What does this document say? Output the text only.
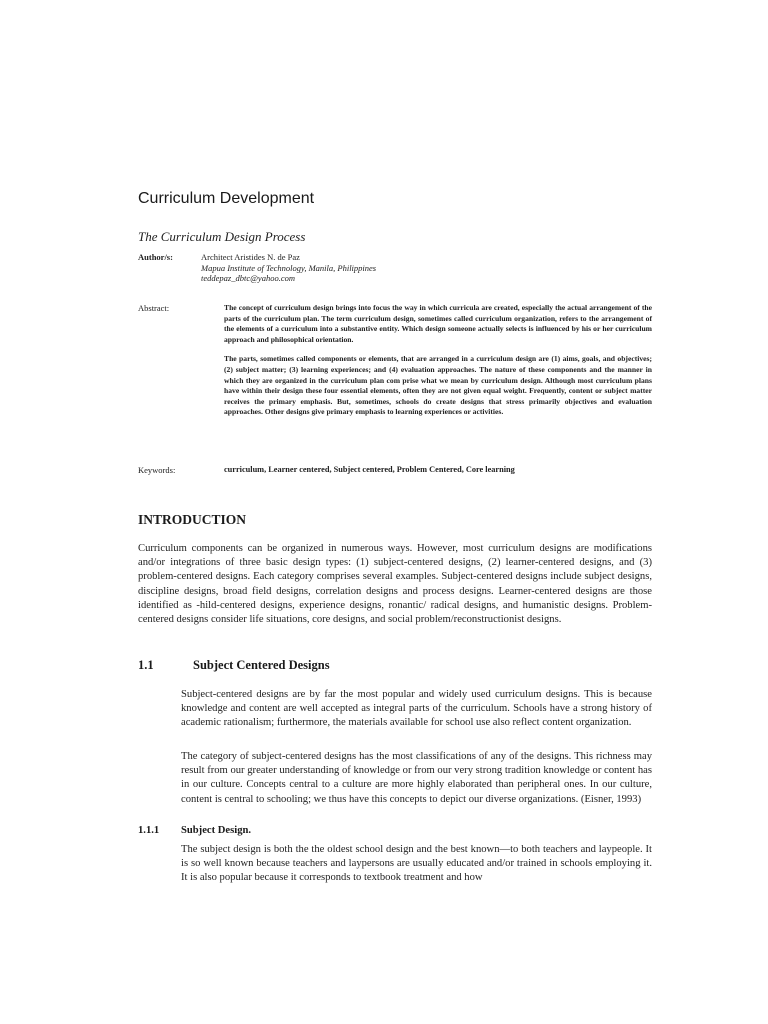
Curriculum Development
The Curriculum Design Process
Author/s:	Architect Aristides N. de Paz
Mapua Institute of Technology, Manila, Philippines
teddepaz_dbtc@yahoo.com
Abstract:	The concept of curriculum design brings into focus the way in which curricula are created, especially the actual arrangement of the parts of the curriculum plan. The term curriculum design, sometimes called curriculum organization, refers to the arrangement of the elements of a curriculum into a substantive entity. Which design someone actually selects is influenced by his or her curriculum approach and philosophical orientation.

The parts, sometimes called components or elements, that are arranged in a curriculum design are (1) aims, goals, and objectives; (2) subject matter; (3) learning experiences; and (4) evaluation approaches. The nature of these components and the manner in which they are organized in the curriculum plan com prise what we mean by curriculum design. Although most curriculum plans have within their design these four essential elements, often they are not given equal weight. Frequently, content or subject matter receives the primary emphasis. But, sometimes, schools do create designs that stress primarily objectives and evaluation approaches. Other designs give primary emphasis to learning experiences or activities.

Keywords:	curriculum, Learner centered, Subject centered, Problem Centered, Core learning
INTRODUCTION

Curriculum components can be organized in numerous ways. However, most curriculum designs are modifications and/or integrations of three basic design types: (1) subject-centered designs, (2) learner-centered designs, and (3) problem-centered designs. Each category comprises several examples. Subject-centered designs include subject designs, discipline designs, broad field designs, correlation designs and process designs. Learner-centered designs are those identified as -hild-centered designs, experience designs, ronantic/ radical designs, and humanistic designs. Problem-centered designs consider life situations, core designs, and social problem/reconstructionist designs.

1.1	Subject Centered Designs

Subject-centered designs are by far the most popular and widely used curriculum designs. This is because knowledge and content are well accepted as integral parts of the curriculum. Schools have a strong history of academic rationalism; furthermore, the materials available for school use also reflect content organization.

The category of subject-centered designs has the most classifications of any of the designs. This richness may result from our greater understanding of knowledge or from our very strong tradition knowledge or content has in our culture. Concepts central to a culture are more highly elaborated than peripheral ones. In our culture, content is central to schooling; we thus have this concepts to depict our diverse organizations. (Eisner, 1993)

1.1.1 Subject Design.

The subject design is both the the oldest school design and the best known—to both teachers and laypeople. It is so well known because teachers and laypersons are usually educated and/or trained in schools employing it. It is also popular because it corresponds to textbook treatment and how
